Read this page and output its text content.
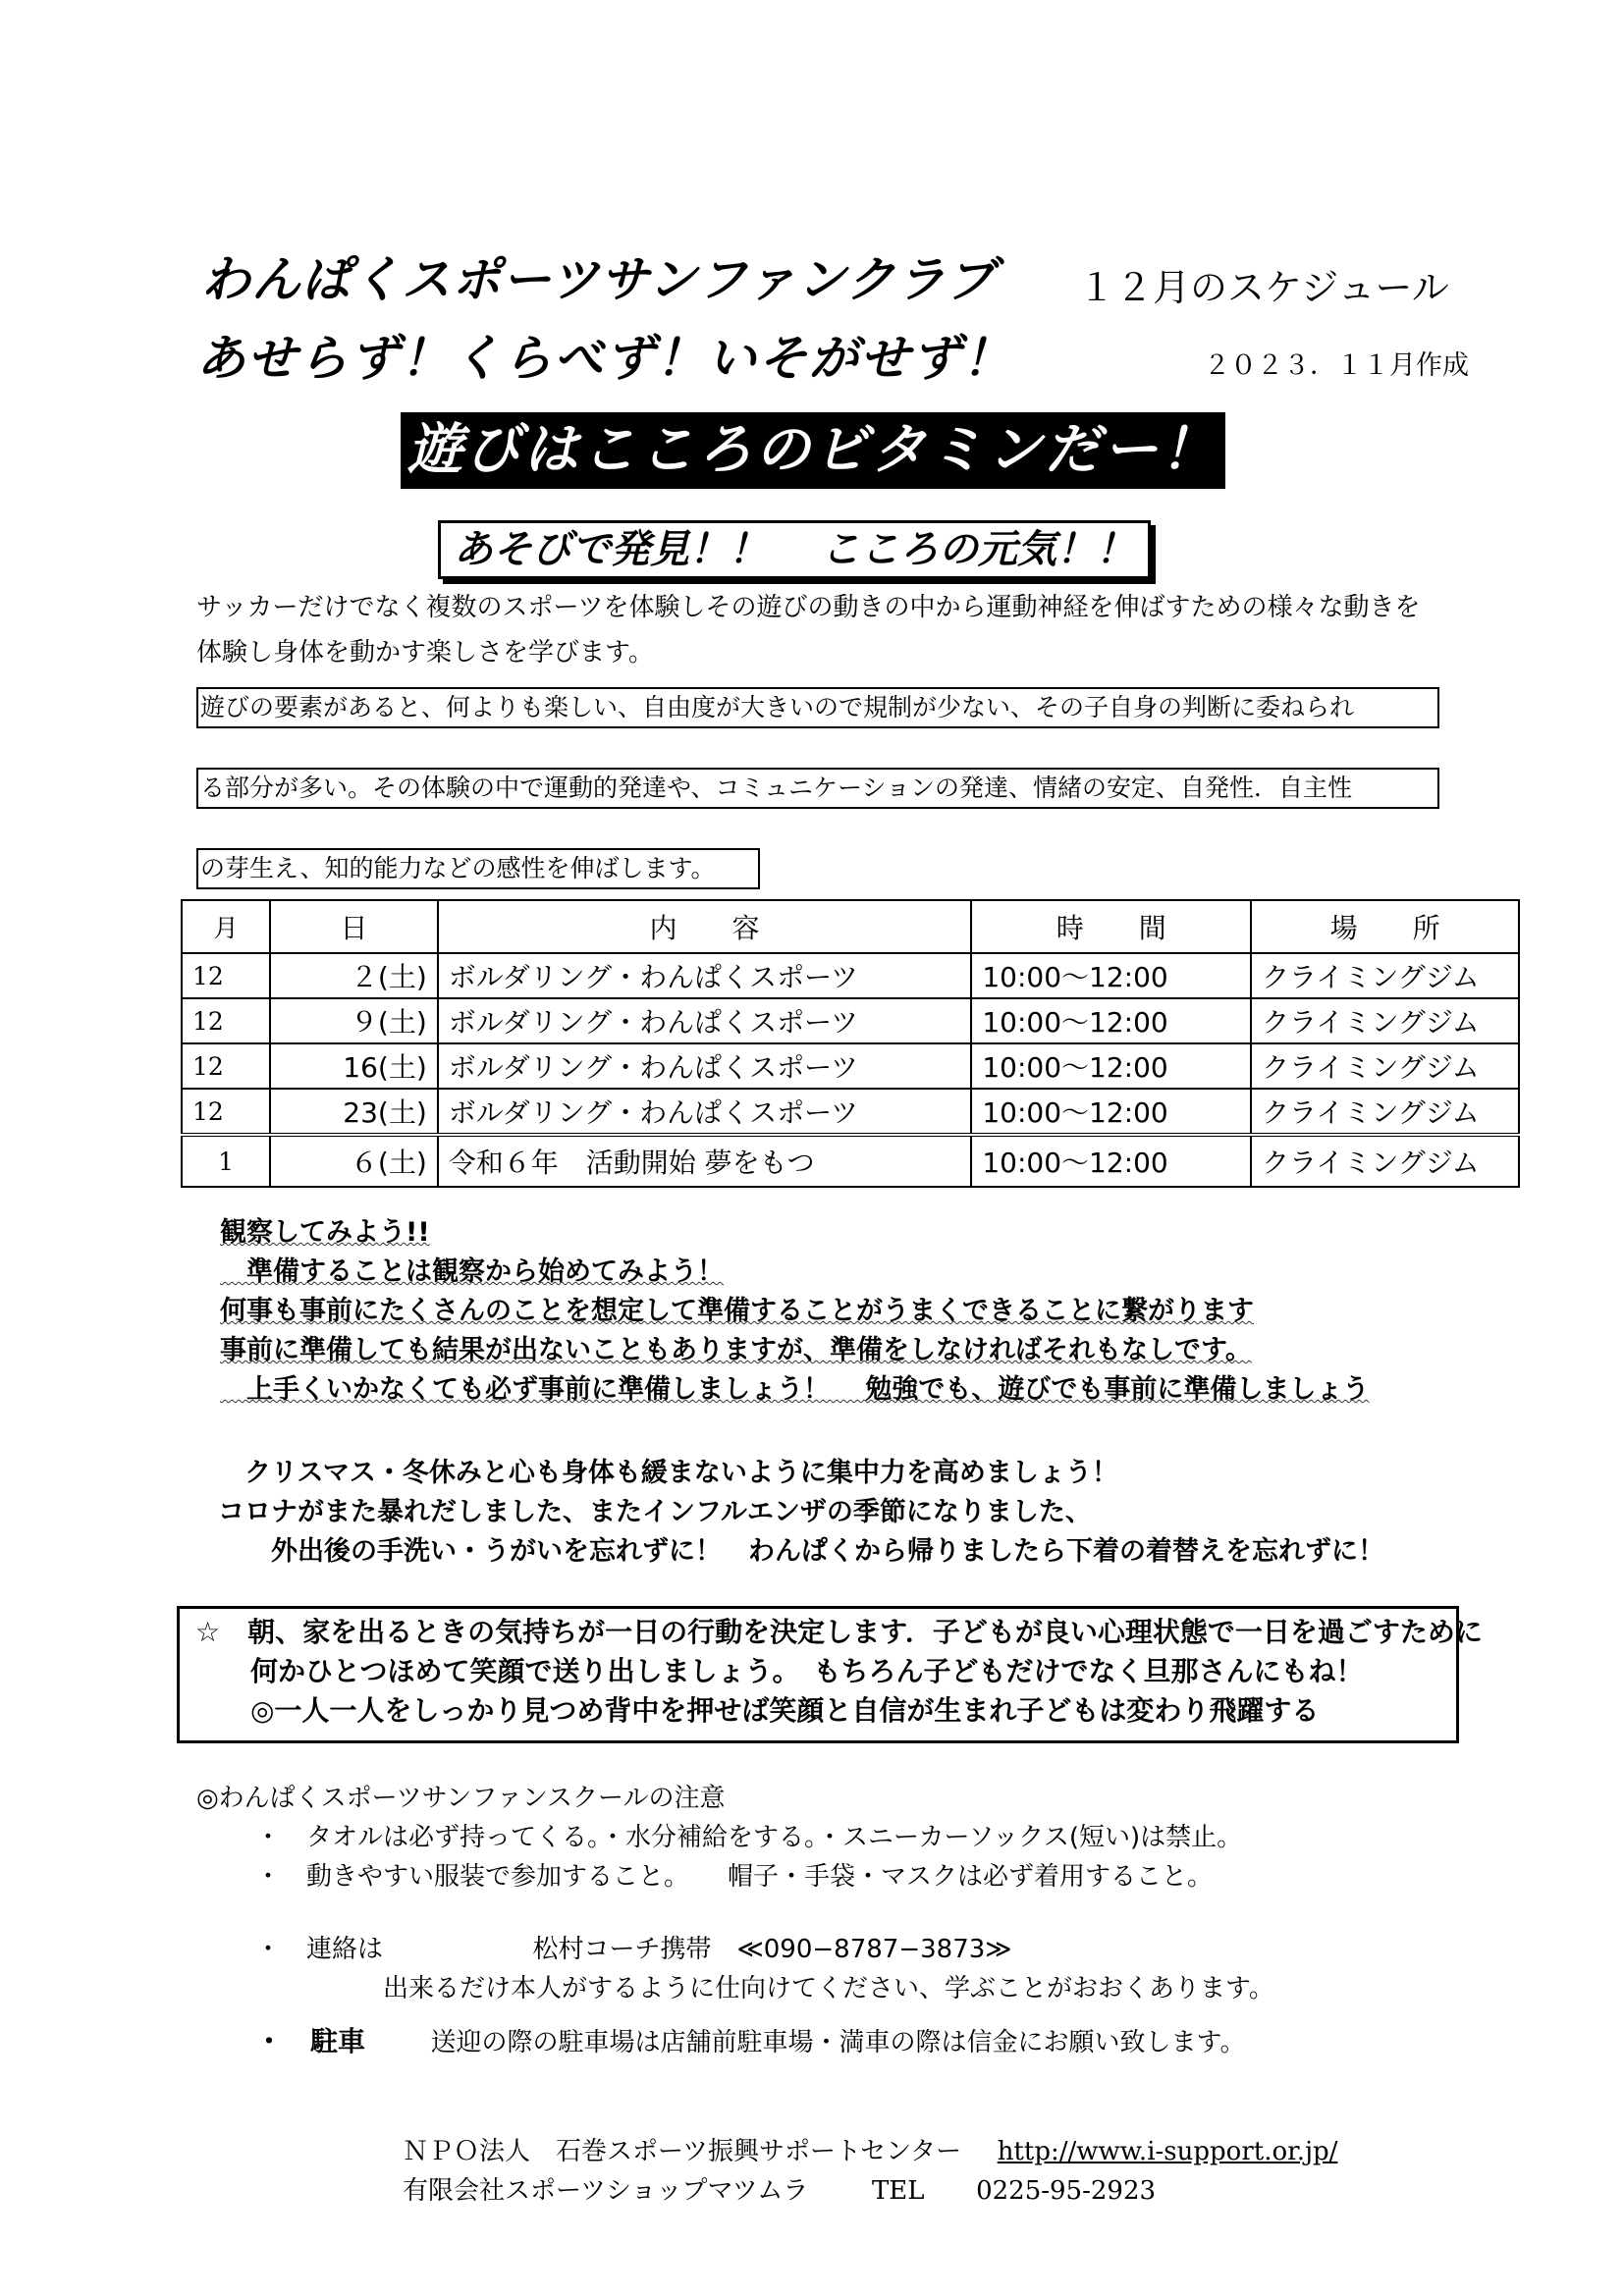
わんぱくスポーツサンファンクラブ １２月のスケジュール
あせらず！くらべず！いそがせず！	２０２３．１１月作成
遊びはこころのビタミンだー！
あそびで発見！！　 こころの元気！！
サッカーだけでなく複数のスポーツを体験しその遊びの動きの中から運動神経を伸ばすための様々な動きを体験し身体を動かす楽しさを学びます。
遊びの要素があると、何よりも楽しい、自由度が大きいので規制が少ない、その子自身の判断に委ねられ
る部分が多い。その体験の中で運動的発達や、コミュニケーションの発達、情緒の安定、自発性．自主性
の芽生え、知的能力などの感性を伸ばします。
月	日	内　　容	時　　間	場　　所
12	２(土)	ボルダリング・わんぱくスポーツ	10:00～12:00	クライミングジム
12	９(土)	ボルダリング・わんぱくスポーツ	10:00～12:00	クライミングジム
12	16(土)	ボルダリング・わんぱくスポーツ	10:00～12:00	クライミングジム
12	23(土)	ボルダリング・わんぱくスポーツ	10:00～12:00	クライミングジム
1	６(土)	令和６年　活動開始 夢をもつ	10:00～12:00	クライミングジム
観察してみよう!!
　準備することは観察から始めてみよう！
何事も事前にたくさんのことを想定して準備することがうまくできることに繋がります
事前に準備しても結果が出ないこともありますが、準備をしなければそれもなしです。
　上手くいかなくても必ず事前に準備しましょう！　 勉強でも、遊びでも事前に準備しましょう
　クリスマス・冬休みと心も身体も緩まないように集中力を高めましょう！
コロナがまた暴れだしました、またインフルエンザの季節になりました、
　　外出後の手洗い・うがいを忘れずに！　わんぱくから帰りましたら下着の着替えを忘れずに！
☆　朝、家を出るときの気持ちが一日の行動を決定します．子どもが良い心理状態で一日を過ごすために
　　何かひとつほめて笑顔で送り出しましょう。　もちろん子どもだけでなく旦那さんにもね！
　　◎一人一人をしっかり見つめ背中を押せば笑顔と自信が生まれ子どもは変わり飛躍する
◎わんぱくスポーツサンファンスクールの注意
・　タオルは必ず持ってくる。・水分補給をする。・スニーカーソックス(短い)は禁止。
・　動きやすい服装で参加すること。　　帽子・手袋・マスクは必ず着用すること。
・　連絡は	松村コーチ携帯　≪090−8787−3873≫
出来るだけ本人がするように仕向けてください、学ぶことがおおくあります。
・　駐車	送迎の際の駐車場は店舗前駐車場・満車の際は信金にお願い致します。
ＮＰＯ法人　石巻スポーツ振興サポートセンター http://www.i-support.or.jp/
有限会社スポーツショップマツムラ TEL 0225-95-2923
